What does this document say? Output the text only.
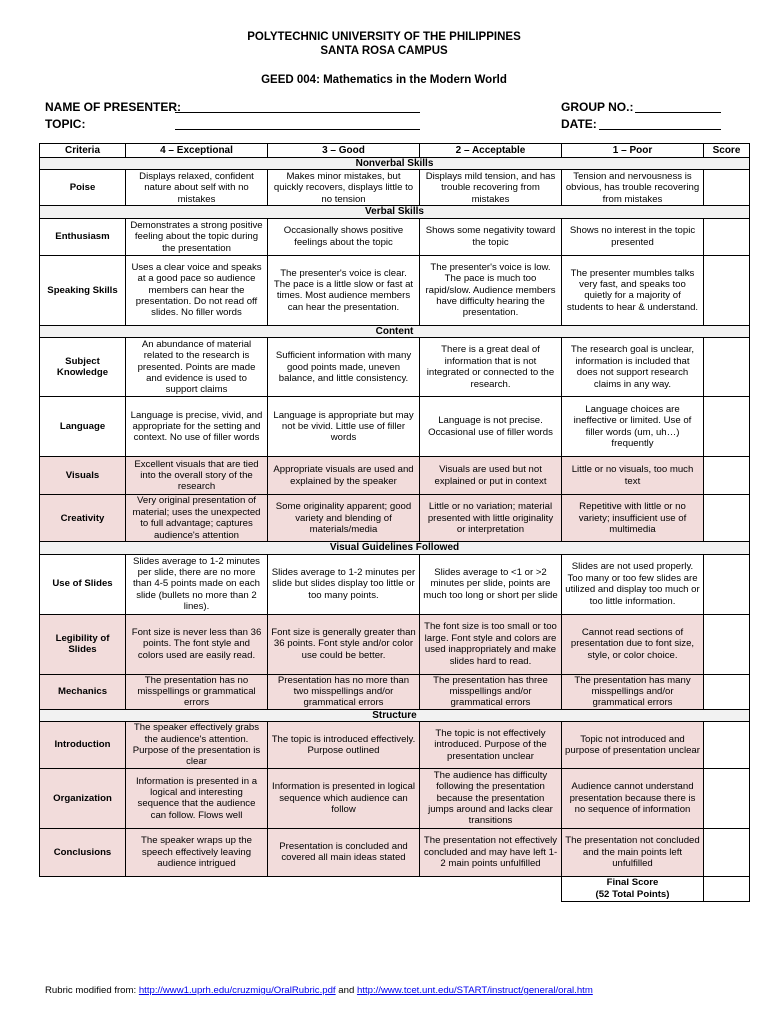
POLYTECHNIC UNIVERSITY OF THE PHILIPPINES
SANTA ROSA CAMPUS
GEED 004: Mathematics in the Modern World
NAME OF PRESENTER:	GROUP NO.:
TOPIC:	DATE:
Criteria	4 – Exceptional	3 – Good	2 – Acceptable	1 – Poor	Score
Nonverbal Skills					
Poise	Displays relaxed, confident nature about self with no mistakes	Makes minor mistakes, but quickly recovers, displays little to no tension	Displays mild tension, and has trouble recovering from mistakes	Tension and nervousness is obvious, has trouble recovering from mistakes	
Verbal Skills					
Enthusiasm	Demonstrates a strong positive feeling about the topic during the presentation	Occasionally shows positive feelings about the topic	Shows some negativity toward the topic	Shows no interest in the topic presented	
Speaking Skills	Uses a clear voice and speaks at a good pace so audience members can hear the presentation. Do not read off slides. No filler words	The presenter's voice is clear. The pace is a little slow or fast at times. Most audience members can hear the presentation.	The presenter's voice is low. The pace is much too rapid/slow. Audience members have difficulty hearing the presentation.	The presenter mumbles talks very fast, and speaks too quietly for a majority of students to hear & understand.	
Content					
Subject Knowledge	An abundance of material related to the research is presented. Points are made and evidence is used to support claims	Sufficient information with many good points made, uneven balance, and little consistency.	There is a great deal of information that is not integrated or connected to the research.	The research goal is unclear, information is included that does not support research claims in any way.	
Language	Language is precise, vivid, and appropriate for the setting and context. No use of filler words	Language is appropriate but may not be vivid. Little use of filler words	Language is not precise. Occasional use of filler words	Language choices are ineffective or limited. Use of filler words (um, uh…) frequently	
Visuals	Excellent visuals that are tied into the overall story of the research	Appropriate visuals are used and explained by the speaker	Visuals are used but not explained or put in context	Little or no visuals, too much text	
Creativity	Very original presentation of material; uses the unexpected to full advantage; captures audience's attention	Some originality apparent; good variety and blending of materials/media	Little or no variation; material presented with little originality or interpretation	Repetitive with little or no variety; insufficient use of multimedia	
Visual Guidelines Followed					
Use of Slides	Slides average to 1-2 minutes per slide, there are no more than 4-5 points made on each slide (bullets no more than 2 lines).	Slides average to 1-2 minutes per slide but slides display too little or too many points.	Slides average to <1 or >2 minutes per slide, points are much too long or short per slide	Slides are not used properly. Too many or too few slides are utilized and display too much or too little information.	
Legibility of Slides	Font size is never less than 36 points. The font style and colors used are easily read.	Font size is generally greater than 36 points. Font style and/or color use could be better.	The font size is too small or too large. Font style and colors are used inappropriately and make slides hard to read.	Cannot read sections of presentation due to font size, style, or color choice.	
Mechanics	The presentation has no misspellings or grammatical errors	Presentation has no more than two misspellings and/or grammatical errors	The presentation has three misspellings and/or grammatical errors	The presentation has many misspellings and/or grammatical errors	
Structure					
Introduction	The speaker effectively grabs the audience's attention. Purpose of the presentation is clear	The topic is introduced effectively. Purpose outlined	The topic is not effectively introduced. Purpose of the presentation unclear	Topic not introduced and purpose of presentation unclear	
Organization	Information is presented in a logical and interesting sequence that the audience can follow. Flows well	Information is presented in logical sequence which audience can follow	The audience has difficulty following the presentation because the presentation jumps around and lacks clear transitions	Audience cannot understand presentation because there is no sequence of information	
Conclusions	The speaker wraps up the speech effectively leaving audience intrigued	Presentation is concluded and covered all main ideas stated	The presentation not effectively concluded and may have left 1-2 main points unfulfilled	The presentation not concluded and the main points left unfulfilled	

				Final Score
(52 Total Points)	

Rubric modified from: http://www1.uprh.edu/cruzmigu/OralRubric.pdf and http://www.tcet.unt.edu/START/instruct/general/oral.htm
